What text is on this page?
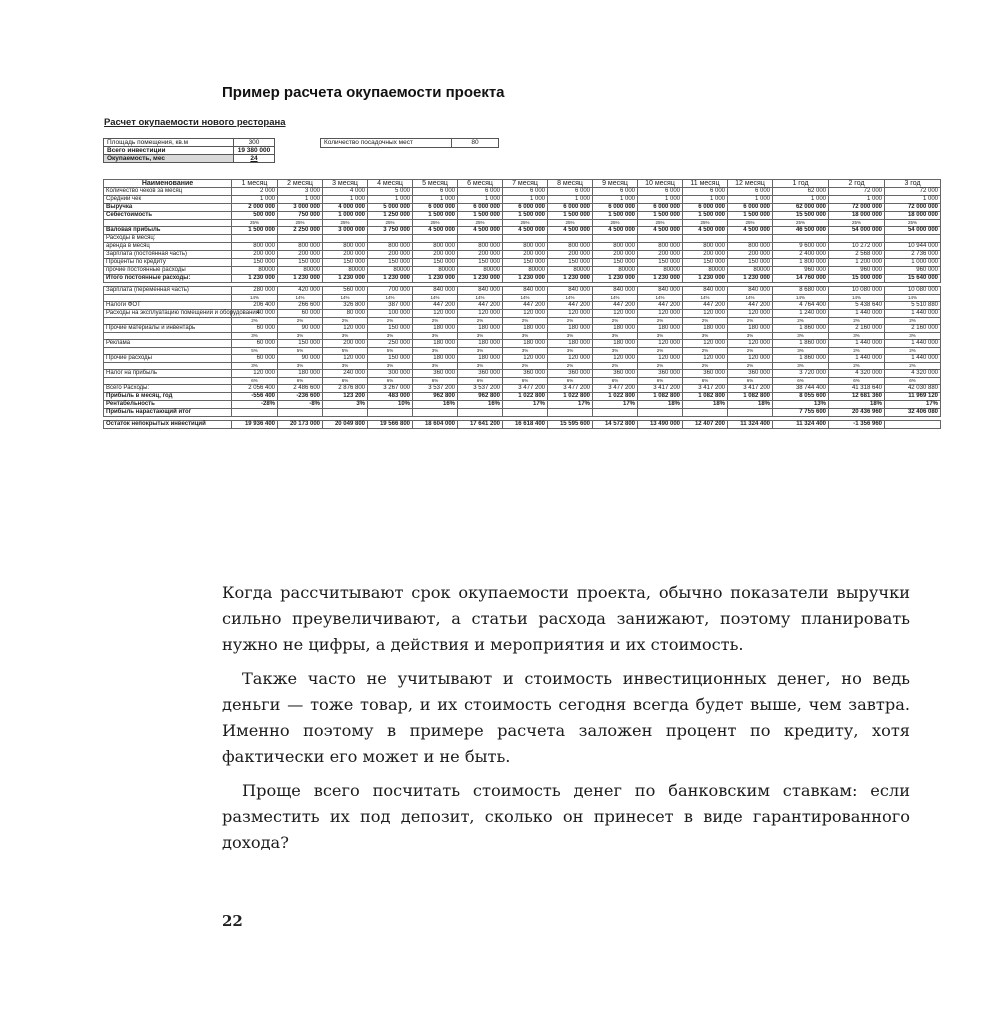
Пример расчета окупаемости проекта
Расчет окупаемости нового ресторана
Площадь помещения, кв.м	300
Всего инвестиции	19 380 000
Окупаемость, мес	24
Количество посадочных мест	80
Наименование	1 месяц	2 месяц	3 месяц	4 месяц	5 месяц	6 месяц	7 месяц	8 месяц	9 месяц	10 месяц	11 месяц	12 месяц	1 год	2 год	3 год
Количество чеков за месяц	2 000	3 000	4 000	5 000	6 000	6 000	6 000	6 000	6 000	6 000	6 000	6 000	62 000	72 000	72 000
Средний чек	1 000	1 000	1 000	1 000	1 000	1 000	1 000	1 000	1 000	1 000	1 000	1 000	1 000	1 000	1 000
Выручка	2 000 000	3 000 000	4 000 000	5 000 000	6 000 000	6 000 000	6 000 000	6 000 000	6 000 000	6 000 000	6 000 000	6 000 000	62 000 000	72 000 000	72 000 000
Себестоимость	500 000	750 000	1 000 000	1 250 000	1 500 000	1 500 000	1 500 000	1 500 000	1 500 000	1 500 000	1 500 000	1 500 000	15 500 000	18 000 000	18 000 000
	25%	25%	25%	25%	25%	25%	25%	25%	25%	25%	25%	25%	25%	25%	25%
Валовая прибыль	1 500 000	2 250 000	3 000 000	3 750 000	4 500 000	4 500 000	4 500 000	4 500 000	4 500 000	4 500 000	4 500 000	4 500 000	46 500 000	54 000 000	54 000 000
Расходы в месяц:															
аренда в месяц	800 000	800 000	800 000	800 000	800 000	800 000	800 000	800 000	800 000	800 000	800 000	800 000	9 600 000	10 272 000	10 944 000
Зарплата (постоянная часть)	200 000	200 000	200 000	200 000	200 000	200 000	200 000	200 000	200 000	200 000	200 000	200 000	2 400 000	2 568 000	2 736 000
Проценты по кредиту	150 000	150 000	150 000	150 000	150 000	150 000	150 000	150 000	150 000	150 000	150 000	150 000	1 800 000	1 200 000	1 000 000
прочие постоянные расходы	80000	80000	80000	80000	80000	80000	80000	80000	80000	80000	80000	80000	960 000	960 000	960 000
Итого постоянные расходы:	1 230 000	1 230 000	1 230 000	1 230 000	1 230 000	1 230 000	1 230 000	1 230 000	1 230 000	1 230 000	1 230 000	1 230 000	14 760 000	15 000 000	15 640 000

Зарплата (переменная часть)	280 000	420 000	560 000	700 000	840 000	840 000	840 000	840 000	840 000	840 000	840 000	840 000	8 680 000	10 080 000	10 080 000
	14%	14%	14%	14%	14%	14%	14%	14%	14%	14%	14%	14%	14%	14%	14%
Налоги ФОТ	206 400	266 600	326 800	387 000	447 200	447 200	447 200	447 200	447 200	447 200	447 200	447 200	4 764 400	5 438 640	5 510 880
Расходы на эксплуатацию помещений и оборудования	40 000	60 000	80 000	100 000	120 000	120 000	120 000	120 000	120 000	120 000	120 000	120 000	1 240 000	1 440 000	1 440 000
	2%	2%	2%	2%	2%	2%	2%	2%	2%	2%	2%	2%	2%	2%	2%
Прочие материалы и инвентарь	60 000	90 000	120 000	150 000	180 000	180 000	180 000	180 000	180 000	180 000	180 000	180 000	1 860 000	2 160 000	2 160 000
	3%	3%	3%	3%	3%	3%	3%	3%	3%	3%	3%	3%	3%	3%	3%
Реклама	60 000	150 000	200 000	250 000	180 000	180 000	180 000	180 000	180 000	120 000	120 000	120 000	1 860 000	1 440 000	1 440 000
	5%	5%	5%	5%	3%	3%	3%	3%	3%	2%	2%	2%	3%	2%	2%
Прочие расходы	60 000	90 000	120 000	150 000	180 000	180 000	120 000	120 000	120 000	120 000	120 000	120 000	1 860 000	1 440 000	1 440 000
	3%	3%	3%	3%	3%	3%	2%	2%	2%	2%	2%	2%	3%	2%	2%
Налог на прибыль	120 000	180 000	240 000	300 000	360 000	360 000	360 000	360 000	360 000	360 000	360 000	360 000	3 720 000	4 320 000	4 320 000
	6%	6%	6%	6%	6%	6%	6%	6%	6%	6%	6%	6%	6%	6%	6%
Всего Расходы:	2 056 400	2 486 600	2 876 800	3 267 000	3 537 200	3 537 200	3 477 200	3 477 200	3 477 200	3 417 200	3 417 200	3 417 200	38 744 400	41 318 640	42 030 880
Прибыль в месяц, год	-556 400	-236 600	123 200	483 000	962 800	962 800	1 022 800	1 022 800	1 022 800	1 082 800	1 082 800	1 082 800	8 055 600	12 681 360	11 969 120
Рентабельность	-28%	-8%	3%	10%	16%	16%	17%	17%	17%	18%	18%	18%	13%	18%	17%
Прибыль нарастающий итог													7 755 600	20 436 960	32 406 080

Остаток непокрытых инвестиций	19 936 400	20 173 000	20 049 800	19 566 800	18 604 000	17 641 200	16 618 400	15 595 600	14 572 800	13 490 000	12 407 200	11 324 400	11 324 400	-1 356 960	

Когда рассчитывают срок окупаемости проекта, обычно показатели выручки сильно преувеличивают, а статьи расхода занижают, поэтому планировать нужно не цифры, а действия и мероприятия и их стоимость.

Также часто не учитывают и стоимость инвестиционных денег, но ведь деньги — тоже товар, и их стоимость сегодня всегда будет выше, чем завтра. Именно поэтому в примере расчета заложен процент по кредиту, хотя фактически его может и не быть.

Проще всего посчитать стоимость денег по банковским ставкам: если разместить их под депозит, сколько он принесет в виде гарантированного дохода?

22
